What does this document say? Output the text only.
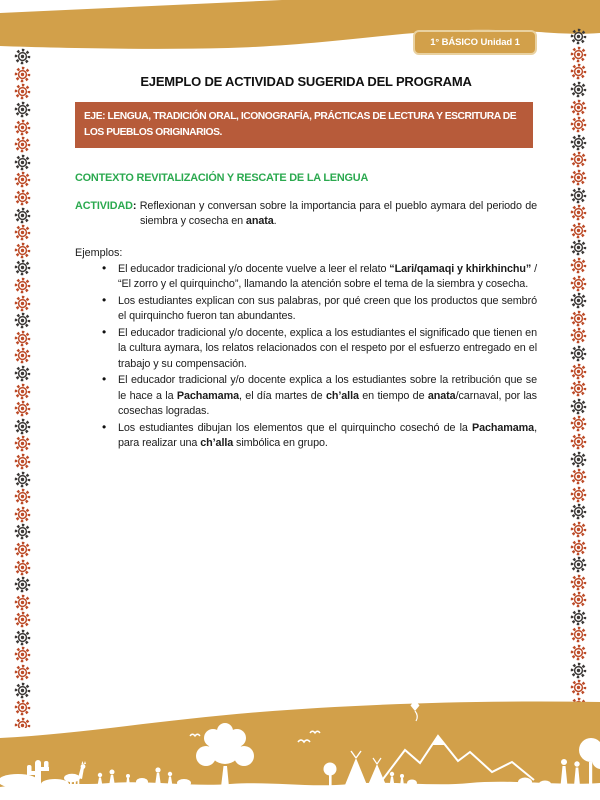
1° BÁSICO Unidad 1
EJEMPLO DE ACTIVIDAD SUGERIDA DEL PROGRAMA
EJE: LENGUA, TRADICIÓN ORAL, ICONOGRAFÍA, PRÁCTICAS DE LECTURA Y ESCRITURA DE LOS PUEBLOS ORIGINARIOS.
CONTEXTO REVITALIZACIÓN Y RESCATE DE LA LENGUA

ACTIVIDAD: Reflexionan y conversan sobre la importancia para el pueblo aymara del periodo de siembra y cosecha en anata.

Ejemplos:
• El educador tradicional y/o docente vuelve a leer el relato “Lari/qamaqi y khirkhinchu” / “El zorro y el quirquincho”, llamando la atención sobre el tema de la siembra y cosecha.
• Los estudiantes explican con sus palabras, por qué creen que los productos que sembró el quirquincho fueron tan abundantes.
• El educador tradicional y/o docente, explica a los estudiantes el significado que tienen en la cultura aymara, los relatos relacionados con el respeto por el esfuerzo entregado en el trabajo y su compensación.
• El educador tradicional y/o docente explica a los estudiantes sobre la retribución que se le hace a la Pachamama, el día martes de ch’alla en tiempo de anata/carnaval, por las cosechas logradas.
• Los estudiantes dibujan los elementos que el quirquincho cosechó de la Pachamama, para realizar una ch’alla simbólica en grupo.
